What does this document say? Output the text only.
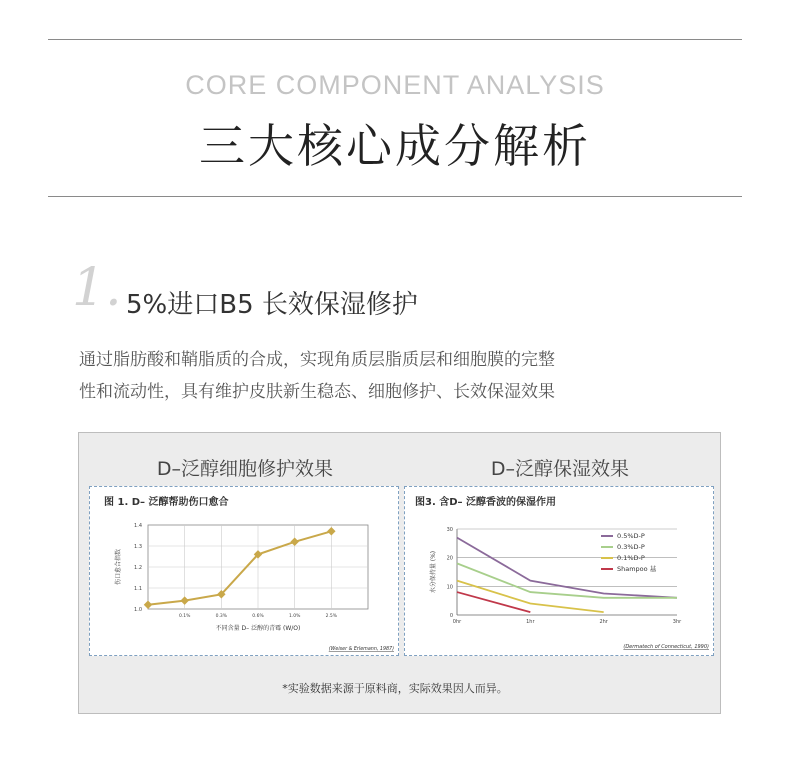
CORE COMPONENT ANALYSIS
三大核心成分解析
1. 5%进口B5 长效保湿修护
通过脂肪酸和鞘脂质的合成，实现角质层脂质层和细胞膜的完整
性和流动性，具有维护皮肤新生稳态、细胞修护、长效保湿效果
D–泛醇细胞修护效果	D–泛醇保湿效果
图 1. D– 泛醇帮助伤口愈合
1.0
1.1
1.2
1.3
1.4
0.1%	0.3%	0.6%	1.0%	2.5%
伤口愈合指数
不同含量 D– 泛醇的青霉 (W/O)
(Weiser & Erlemann, 1987)
图3. 含D– 泛醇香波的保湿作用
0
10
20
30
0hr	1hr	2hr	3hr
0.5%D-P
0.3%D-P
0.1%D-P
Shampoo 基
水分保持量 (%)
(Dermatech of Connecticut, 1990)
*实验数据来源于原料商，实际效果因人而异。
